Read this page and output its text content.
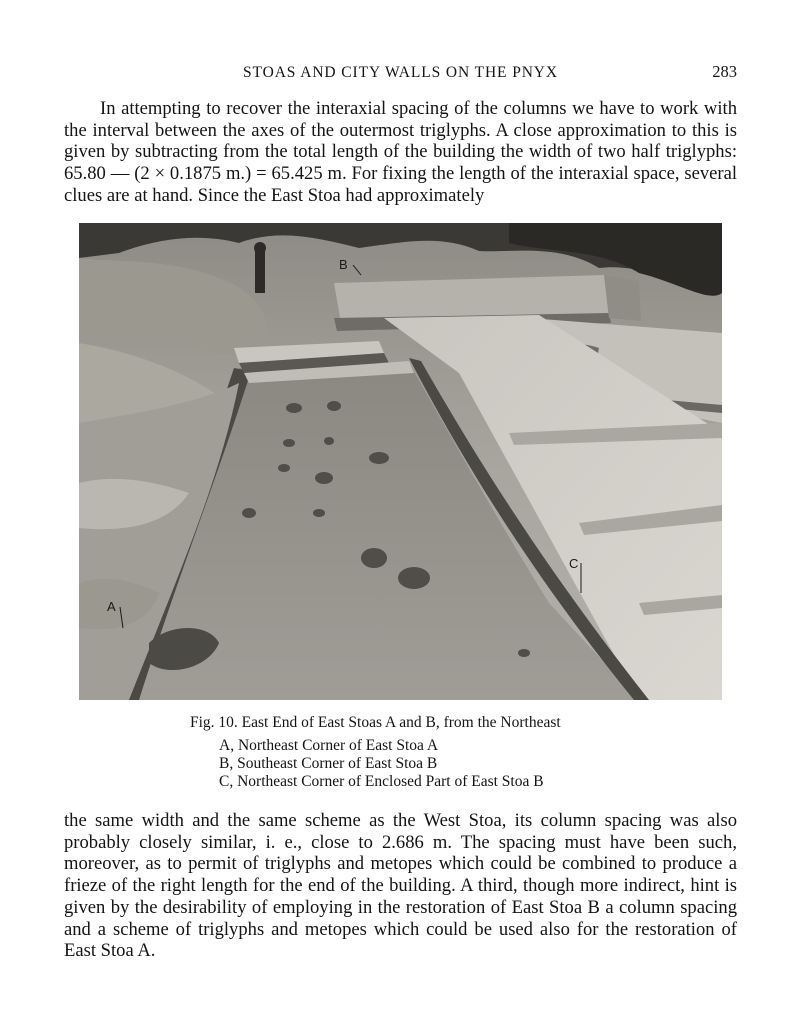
STOAS AND CITY WALLS ON THE PNYX	283

In attempting to recover the interaxial spacing of the columns we have to work with the interval between the axes of the outermost triglyphs. A close approximation to this is given by subtracting from the total length of the building the width of two half triglyphs: 65.80 — (2 × 0.1875 m.) = 65.425 m. For fixing the length of the interaxial space, several clues are at hand. Since the East Stoa had approximately

B
C
A
Fig. 10. East End of East Stoas A and B, from the Northeast
A, Northeast Corner of East Stoa A
B, Southeast Corner of East Stoa B
C, Northeast Corner of Enclosed Part of East Stoa B

the same width and the same scheme as the West Stoa, its column spacing was also probably closely similar, i. e., close to 2.686 m. The spacing must have been such, moreover, as to permit of triglyphs and metopes which could be combined to produce a frieze of the right length for the end of the building. A third, though more indirect, hint is given by the desirability of employing in the restoration of East Stoa B a column spacing and a scheme of triglyphs and metopes which could be used also for the restoration of East Stoa A.
